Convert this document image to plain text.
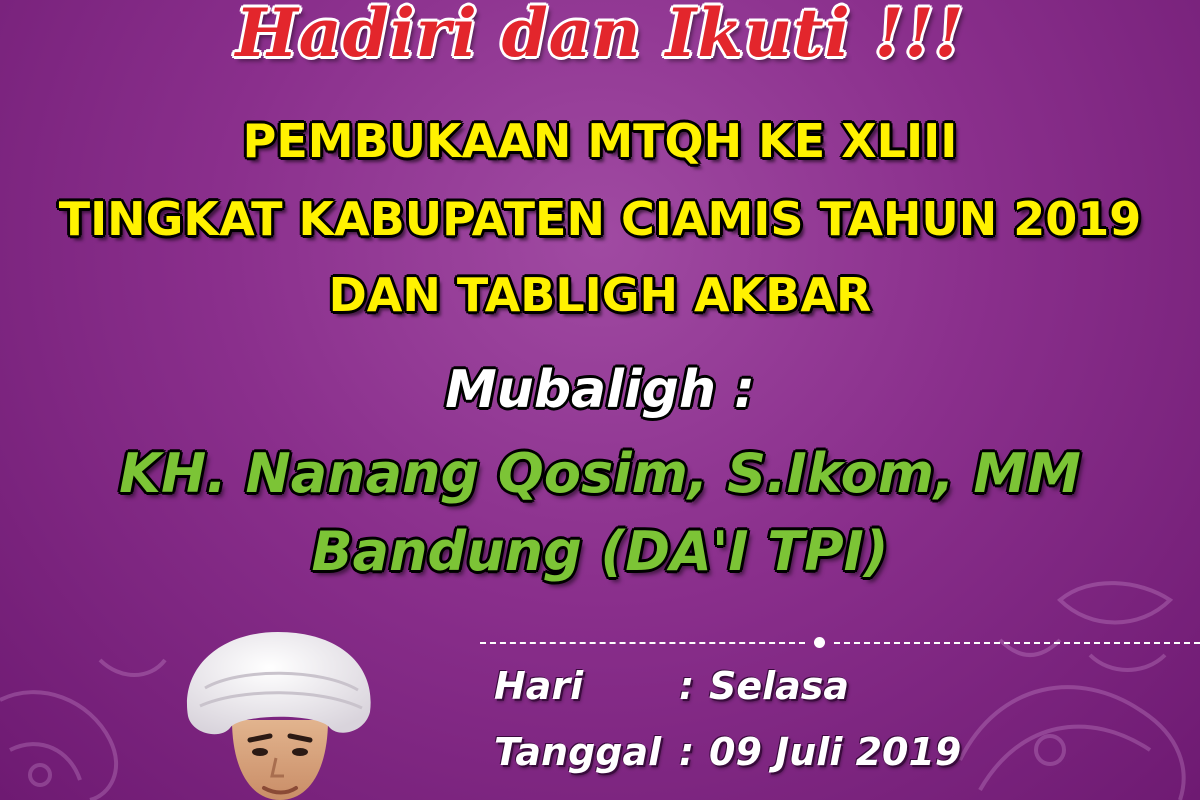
Hadiri dan Ikuti !!!
PEMBUKAAN MTQH KE XLIII
TINGKAT KABUPATEN CIAMIS TAHUN 2019
DAN TABLIGH AKBAR
Mubaligh :
KH. Nanang Qosim, S.Ikom, MM
Bandung (DA'I TPI)
Hari	: Selasa
Tanggal : 09 Juli 2019
